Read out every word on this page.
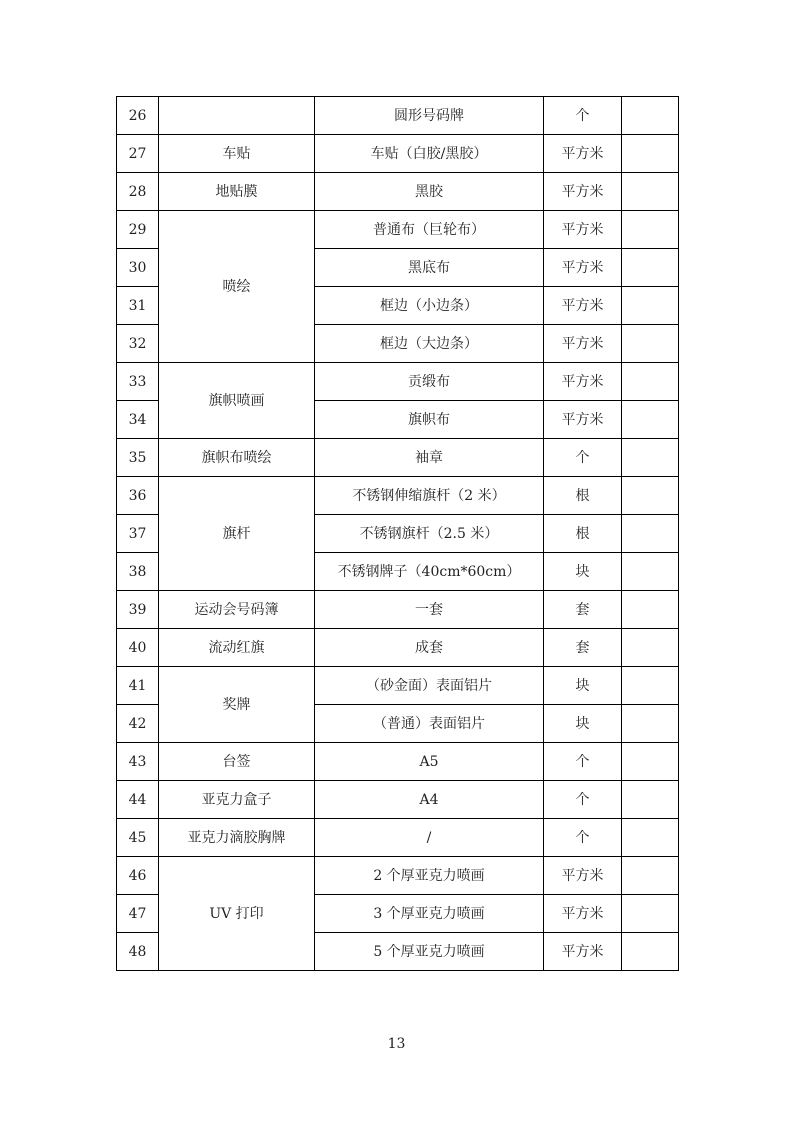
26		圆形号码牌	个	
27	车贴	车贴（白胶/黑胶）	平方米	
28	地贴膜	黑胶	平方米	
29	喷绘	普通布（巨轮布）	平方米	
30		黑底布	平方米	
31		框边（小边条）	平方米	
32		框边（大边条）	平方米	
33	旗帜喷画	贡缎布	平方米	
34		旗帜布	平方米	
35	旗帜布喷绘	袖章	个	
36	旗杆	不锈钢伸缩旗杆（2 米）	根	
37		不锈钢旗杆（2.5 米）	根	
38		不锈钢牌子（40cm*60cm）	块	
39	运动会号码簿	一套	套	
40	流动红旗	成套	套	
41	奖牌	（砂金面）表面铝片	块	
42		（普通）表面铝片	块	
43	台签	A5	个	
44	亚克力盒子	A4	个	
45	亚克力滴胶胸牌	/	个	
46	UV 打印	2 个厚亚克力喷画	平方米	
47		3 个厚亚克力喷画	平方米	
48		5 个厚亚克力喷画	平方米	
13
